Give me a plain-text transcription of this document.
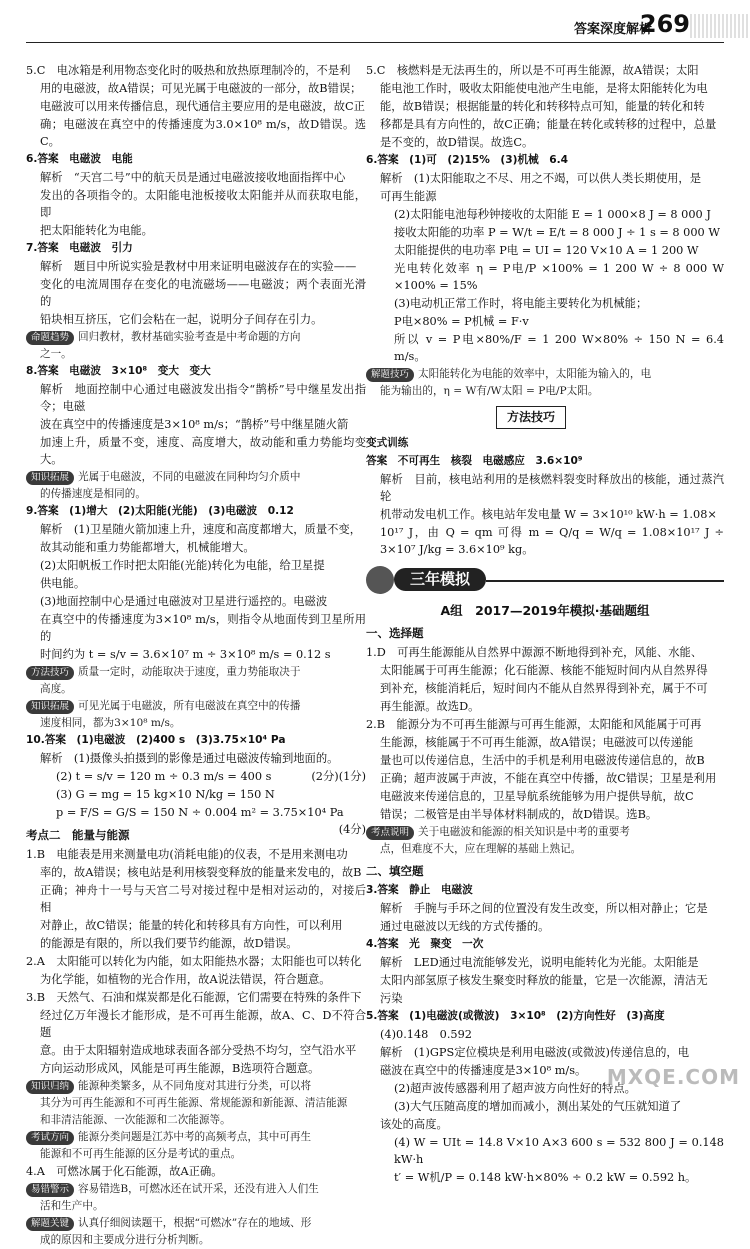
答案深度解析
269
5.C　电冰箱是利用物态变化时的吸热和放热原理制冷的，不是利
用的电磁波，故A错误；可见光属于电磁波的一部分，故B错误；
电磁波可以用来传播信息，现代通信主要应用的是电磁波，故C正
确；电磁波在真空中的传播速度为3.0×10⁸ m/s，故D错误。选C。
6.答案　电磁波　电能
解析　“天宫二号”中的航天员是通过电磁波接收地面指挥中心
发出的各项指令的。太阳能电池板接收太阳能并从而获取电能，即
把太阳能转化为电能。
7.答案　电磁波　引力
解析　题目中所说实验是教材中用来证明电磁波存在的实验——
变化的电流周围存在变化的电流磁场——电磁波；两个表面光滑的
铅块相互挤压，它们会粘在一起，说明分子间存在引力。
命题趋势 回归教材，教材基础实验考查是中考命题的方向
之一。
8.答案　电磁波　3×10⁸　变大　变大
解析　地面控制中心通过电磁波发出指令“鹊桥”号中继星发出指令；电磁
波在真空中的传播速度是3×10⁸ m/s；“鹊桥”号中继星随火箭
加速上升，质量不变，速度、高度增大，故动能和重力势能均变大。
知识拓展 光属于电磁波，不同的电磁波在同种均匀介质中
的传播速度是相同的。
9.答案　(1)增大　(2)太阳能(光能)　(3)电磁波　0.12
解析　(1)卫星随火箭加速上升，速度和高度都增大，质量不变，
故其动能和重力势能都增大，机械能增大。
(2)太阳帆板工作时把太阳能(光能)转化为电能，给卫星提
供电能。
(3)地面控制中心是通过电磁波对卫星进行遥控的。电磁波
在真空中的传播速度为3×10⁸ m/s，则指令从地面传到卫星所用的
时间约为 t = s/v = 3.6×10⁷ m ÷ 3×10⁸ m/s = 0.12 s
方法技巧 质量一定时，动能取决于速度，重力势能取决于
高度。
知识拓展 可见光属于电磁波，所有电磁波在真空中的传播
速度相同，都为3×10⁸ m/s。
10.答案　(1)电磁波　(2)400 s　(3)3.75×10⁴ Pa
解析　(1)摄像头拍摄到的影像是通过电磁波传输到地面的。
(1分)
(2) t = s/v = 120 m ÷ 0.3 m/s = 400 s	(2分)
(3) G = mg = 15 kg×10 N/kg = 150 N
p = F/S = G/S = 150 N ÷ 0.004 m² = 3.75×10⁴ Pa
(4分)
考点二　能量与能源
1.B　电能表是用来测量电功(消耗电能)的仪表，不是用来测电功
率的，故A错误；核电站是利用核裂变释放的能量来发电的，故B
正确；神舟十一号与天宫二号对接过程中是相对运动的，对接后相
对静止，故C错误；能量的转化和转移具有方向性，可以利用
的能源是有限的，所以我们要节约能源，故D错误。
2.A　太阳能可以转化为内能，如太阳能热水器；太阳能也可以转化
为化学能，如植物的光合作用，故A说法错误，符合题意。
3.B　天然气、石油和煤炭都是化石能源，它们需要在特殊的条件下
经过亿万年漫长才能形成，是不可再生能源，故A、C、D不符合题
意。由于太阳辐射造成地球表面各部分受热不均匀，空气沿水平
方向运动形成风，风能是可再生能源，B选项符合题意。
知识归纳 能源种类繁多，从不同角度对其进行分类，可以将
其分为可再生能源和不可再生能源、常规能源和新能源、清洁能源
和非清洁能源、一次能源和二次能源等。
考试方向 能源分类问题是江苏中考的高频考点，其中可再生
能源和不可再生能源的区分是考试的重点。
4.A　可燃冰属于化石能源，故A正确。
易错警示 容易错选B，可燃冰还在试开采，还没有进入人们生
活和生产中。
解题关键 认真仔细阅读题干，根据“可燃冰”存在的地域、形
成的原因和主要成分进行分析判断。
5.C　核燃料是无法再生的，所以是不可再生能源，故A错误；太阳
能电池工作时，吸收太阳能使电池产生电能，是将太阳能转化为电
能，故B错误；根据能量的转化和转移特点可知，能量的转化和转
移都是具有方向性的，故C正确；能量在转化或转移的过程中，总量
是不变的，故D错误。故选C。
6.答案　(1)可　(2)15%　(3)机械　6.4
解析　(1)太阳能取之不尽、用之不竭，可以供人类长期使用，是
可再生能源
(2)太阳能电池每秒钟接收的太阳能 E = 1 000×8 J = 8 000 J
接收太阳能的功率 P = W/t = E/t = 8 000 J ÷ 1 s = 8 000 W
太阳能提供的电功率 P电 = UI = 120 V×10 A = 1 200 W
光电转化效率 η = P电/P ×100% = 1 200 W ÷ 8 000 W ×100% = 15%
(3)电动机正常工作时，将电能主要转化为机械能；
P电×80% = P机械 = F·v
所以 v = P电×80%/F = 1 200 W×80% ÷ 150 N = 6.4 m/s。
解题技巧 太阳能转化为电能的效率中，太阳能为输入的，电
能为输出的，η = W有/W太阳 = P电/P太阳。
方法技巧
变式训练
答案　不可再生　核裂　电磁感应　3.6×10⁹
解析　目前，核电站利用的是核燃料裂变时释放出的核能，通过蒸汽轮
机带动发电机工作。核电站年发电量 W = 3×10¹⁰ kW·h = 1.08×
10¹⁷ J，由 Q = qm 可得 m = Q/q = W/q = 1.08×10¹⁷ J ÷ 3×10⁷ J/kg = 3.6×10⁹ kg。
三年模拟
A组　2017—2019年模拟·基础题组
一、选择题
1.D　可再生能源能从自然界中源源不断地得到补充，风能、水能、
太阳能属于可再生能源；化石能源、核能不能短时间内从自然界得
到补充，核能消耗后，短时间内不能从自然界得到补充，属于不可
再生能源。故选D。
2.B　能源分为不可再生能源与可再生能源，太阳能和风能属于可再
生能源，核能属于不可再生能源，故A错误；电磁波可以传递能
量也可以传递信息，生活中的手机是利用电磁波传递信息的，故B
正确；超声波属于声波，不能在真空中传播，故C错误；卫星是利用
电磁波来传递信息的，卫星导航系统能够为用户提供导航，故C
错误；二极管是由半导体材料制成的，故D错误。选B。
考点说明 关于电磁波和能源的相关知识是中考的重要考
点，但难度不大，应在理解的基础上熟记。
二、填空题
3.答案　静止　电磁波
解析　手腕与手环之间的位置没有发生改变，所以相对静止；它是
通过电磁波以无线的方式传播的。
4.答案　光　聚变　一次
解析　LED通过电流能够发光，说明电能转化为光能。太阳能是
太阳内部氢原子核发生聚变时释放的能量，它是一次能源，清洁无
污染
5.答案　(1)电磁波(或微波)　3×10⁸　(2)方向性好　(3)高度
(4)0.148　0.592
解析　(1)GPS定位模块是利用电磁波(或微波)传递信息的，电
磁波在真空中的传播速度是3×10⁸ m/s。
(2)超声波传感器利用了超声波方向性好的特点。
(3)大气压随高度的增加而减小，测出某处的气压就知道了
该处的高度。
(4) W = UIt = 14.8 V×10 A×3 600 s = 532 800 J = 0.148 kW·h
t′ = W机/P = 0.148 kW·h×80% ÷ 0.2 kW = 0.592 h。
MXQE.COM
